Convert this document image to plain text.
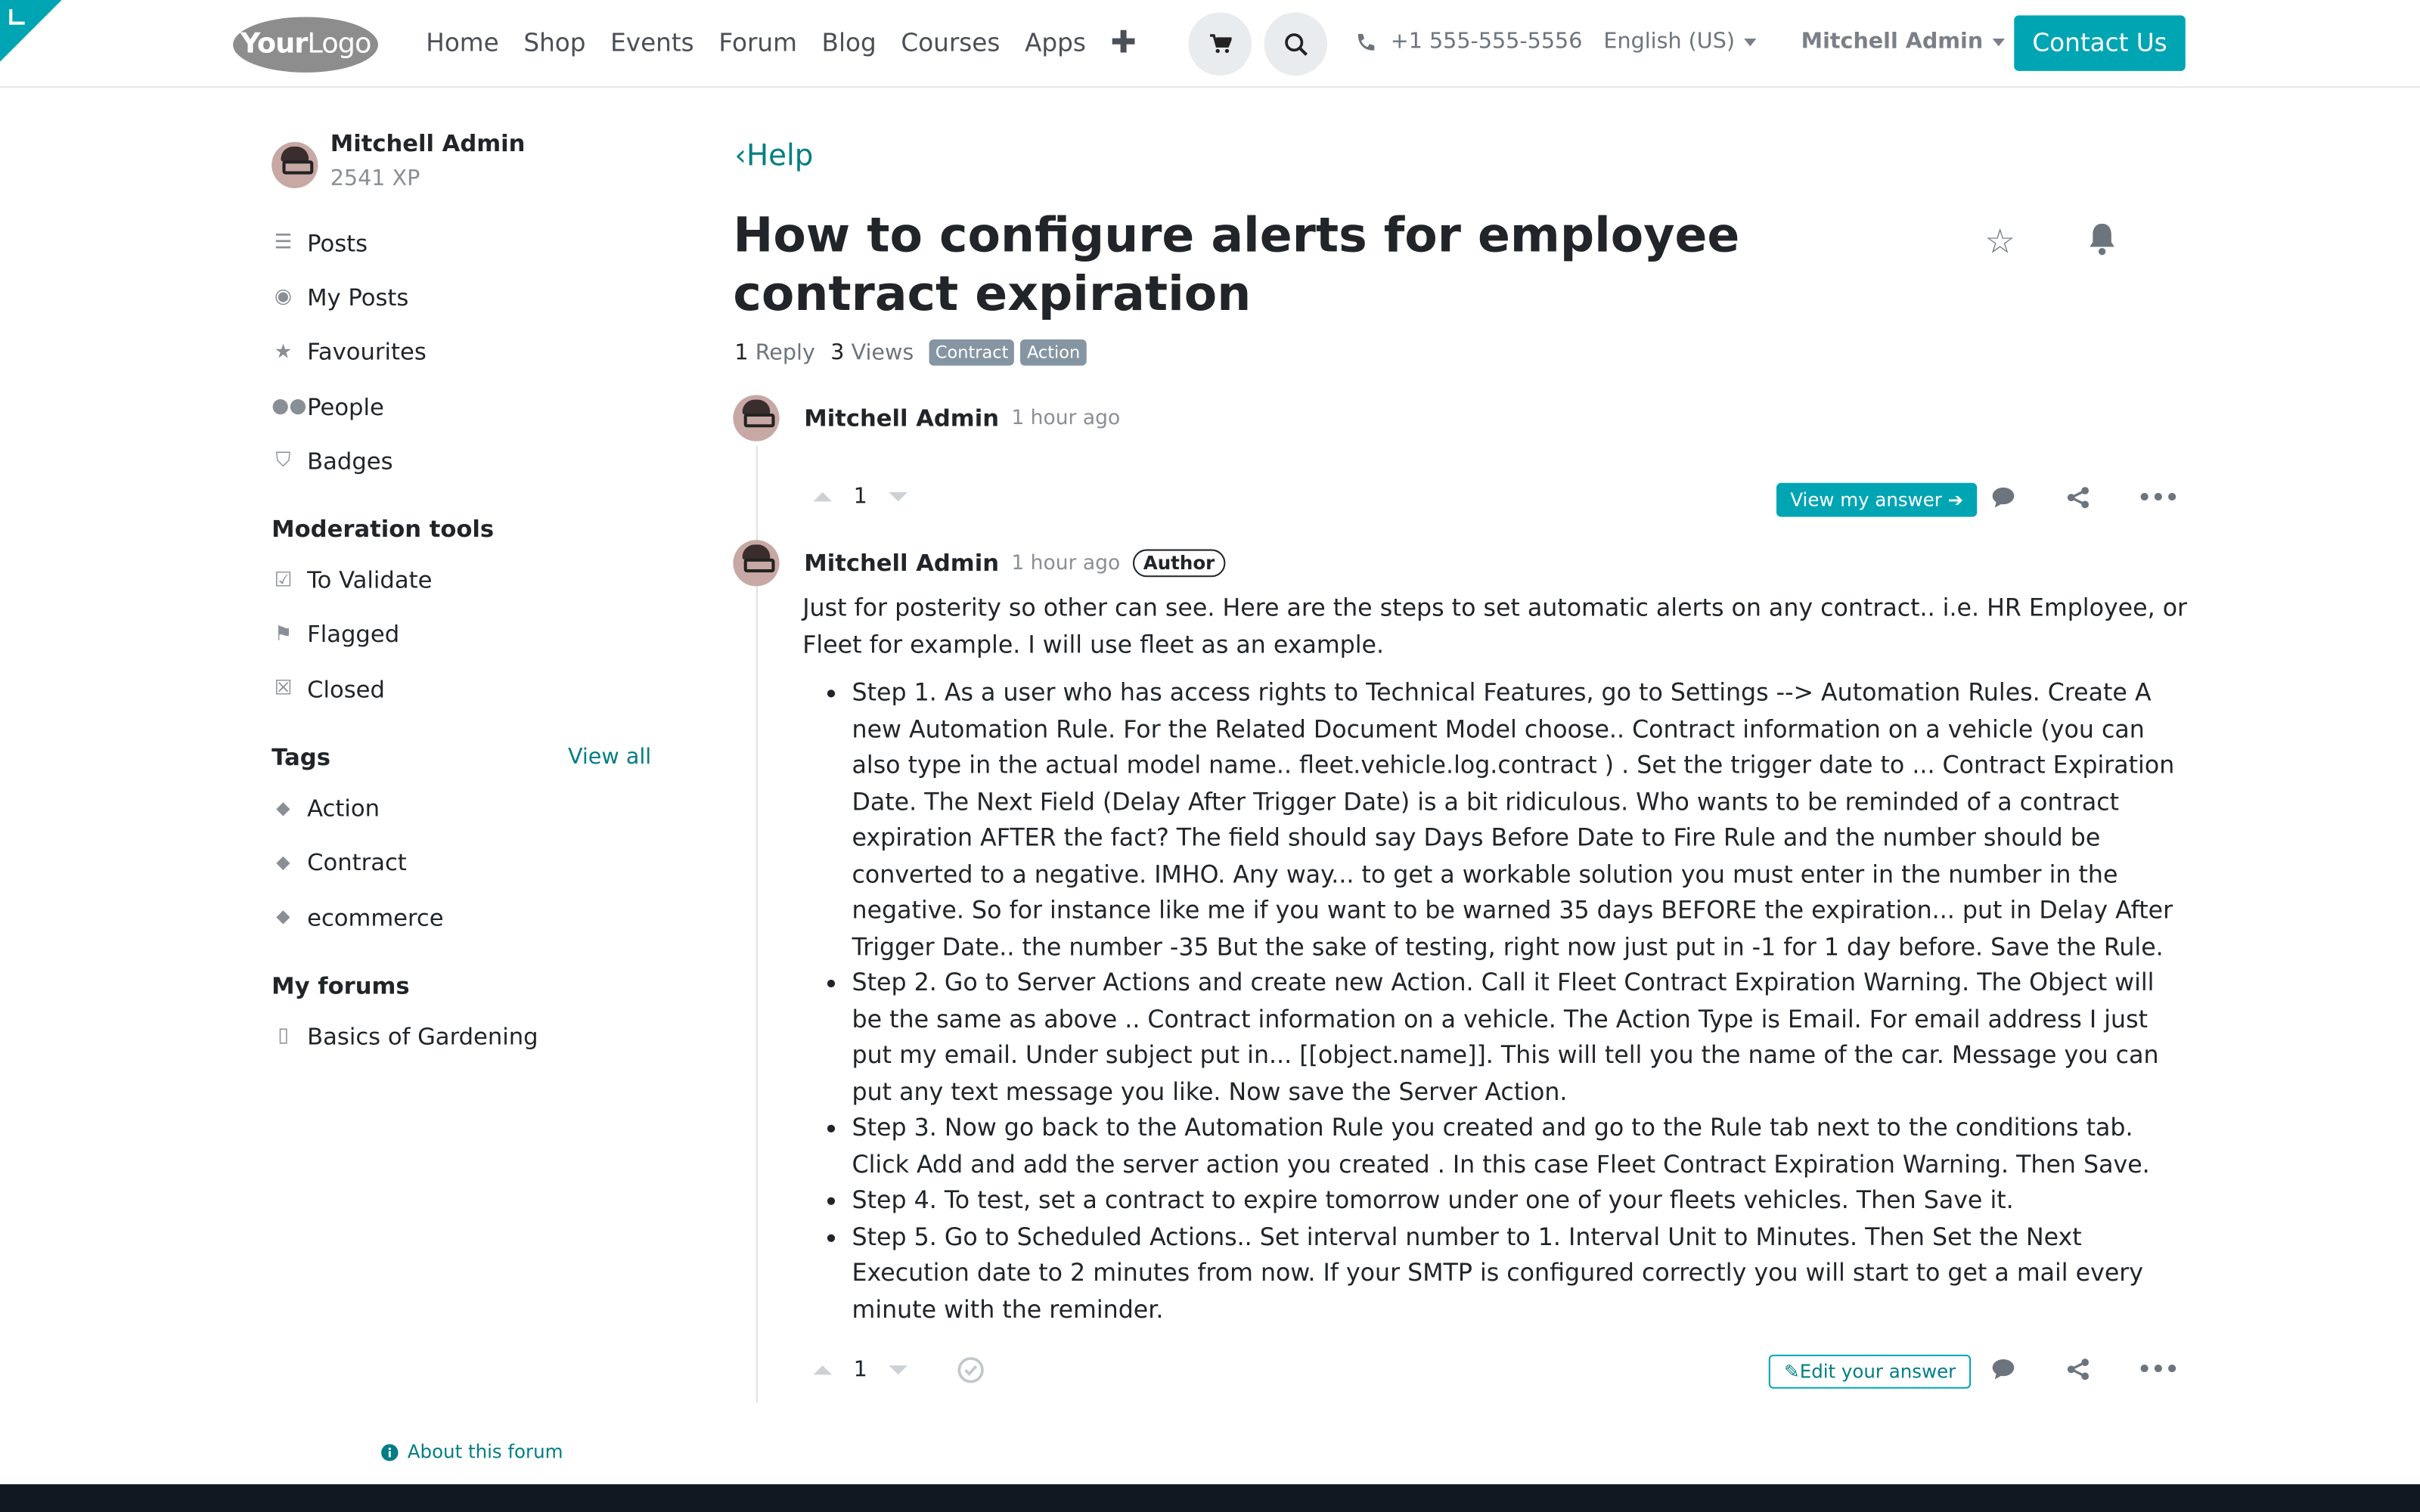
YourLogo	Home Shop Events Forum Blog Courses Apps ✚	+1 555-555-5556 English (US)	Mitchell Admin	Contact Us
Mitchell Admin
2541 XP
☰ Posts
◉ My Posts
★ Favourites
●● People
⛉	Badges
Moderation tools
☑ To Validate
⚑ Flagged
☒ Closed
Tags	View all
⬥	Action
⬥	Contract
⬥	ecommerce
My forums
▯	Basics of Gardening
‹Help
How to configure alerts for employee contract expiration
☆
1 Reply 3 Views	Contract	Action
Mitchell Admin 1 hour ago
1	View my answer ➔	•••
Mitchell Admin 1 hour ago	Author

Just for posterity so other can see. Here are the steps to set automatic alerts on any contract.. i.e. HR Employee, or Fleet for example. I will use fleet as an example.

• Step 1. As a user who has access rights to Technical Features, go to Settings --> Automation Rules. Create A new Automation Rule. For the Related Document Model choose.. Contract information on a vehicle (you can also type in the actual model name.. fleet.vehicle.log.contract ) . Set the trigger date to ... Contract Expiration Date. The Next Field (Delay After Trigger Date) is a bit ridiculous. Who wants to be reminded of a contract expiration AFTER the fact? The field should say Days Before Date to Fire Rule and the number should be converted to a negative. IMHO. Any way... to get a workable solution you must enter in the number in the negative. So for instance like me if you want to be warned 35 days BEFORE the expiration... put in Delay After Trigger Date.. the number -35 But the sake of testing, right now just put in -1 for 1 day before. Save the Rule.
• Step 2. Go to Server Actions and create new Action. Call it Fleet Contract Expiration Warning. The Object will be the same as above .. Contract information on a vehicle. The Action Type is Email. For email address I just put my email. Under subject put in... [[object.name]]. This will tell you the name of the car. Message you can put any text message you like. Now save the Server Action.
• Step 3. Now go back to the Automation Rule you created and go to the Rule tab next to the conditions tab. Click Add and add the server action you created . In this case Fleet Contract Expiration Warning. Then Save.
• Step 4. To test, set a contract to expire tomorrow under one of your fleets vehicles. Then Save it.
• Step 5. Go to Scheduled Actions.. Set interval number to 1. Interval Unit to Minutes. Then Set the Next Execution date to 2 minutes from now. If your SMTP is configured correctly you will start to get a mail every minute with the reminder.
1	✎Edit your answer	•••
About this forum
